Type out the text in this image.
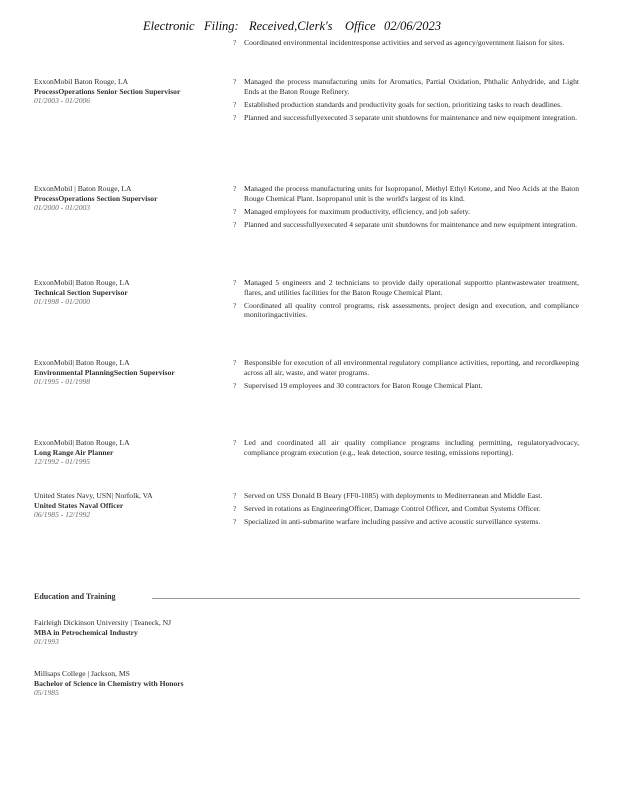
Electronic Filing: Received,Clerk's Office 02/06/2023
? Coordinated environmental incidentresponse activities and served as agency/government liaison for sites.
ExxonMobil Baton Rouge, LA
ProcessOperations Senior Section Supervisor
01/2003 - 01/2006
? Managed the process manufacturing units for Aromatics, Partial Oxidation, Phthalic Anhydride, and Light Ends at the Baton Rouge Refinery.
? Established production standards and productivity goals for section, prioritizing tasks to reach deadlines.
? Planned and successfullyexecuted 3 separate unit shutdowns for maintenance and new equipment integration.
ExxonMobil | Baton Rouge, LA
ProcessOperations Section Supervisor
01/2000 - 01/2003
? Managed the process manufacturing units for Isopropanol, Methyl Ethyl Ketone, and Neo Acids at the Baton Rouge Chemical Plant. Isopropanol unit is the world's largest of its kind.
? Managed employees for maximum productivity, efficiency, and job safety.
? Planned and successfullyexecuted 4 separate unit shutdowns for maintenance and new equipment integration.
ExxonMobil| Baton Rouge, LA
Technical Section Supervisor
01/1998 - 01/2000
? Managed 5 engineers and 2 technicians to provide daily operational supportto plantwastewater treatment, flares, and utilities facilities for the Baton Rouge Chemical Plant.
? Coordinated all quality control programs, risk assessments, project design and execution, and compliance monitoringactivities.
ExxonMobil| Baton Rouge, LA
Environmental PlanningSection Supervisor
01/1995 - 01/1998
? Responsible for execution of all environmental regulatory compliance activities, reporting, and recordkeeping across all air, waste, and water programs.
? Supervised 19 employees and 30 contractors for Baton Rouge Chemical Plant.
ExxonMobil| Baton Rouge, LA
Long Range Air Planner
12/1992 - 01/1995
? Led and coordinated all air quality compliance programs including permitting, regulatoryadvocacy, compliance program execution (e.g., leak detection, source testing, emissions reporting).
United States Navy, USN| Norfolk, VA
United States Naval Officer
06/1985 - 12/1992
? Served on USS Donald B Beary (FF0-1085) with deployments to Mediterranean and Middle East.
? Served in rotations as EngineeringOfficer, Damage Control Officer, and Combat Systems Officer.
? Specialized in anti-submarine warfare including passive and active acoustic surveillance systems.
Education and Training
Fairleigh Dickinson University | Teaneck, NJ
MBA in Petrochemical Industry
01/1993
Millsaps College | Jackson, MS
Bachelor of Science in Chemistry with Honors
05/1985
